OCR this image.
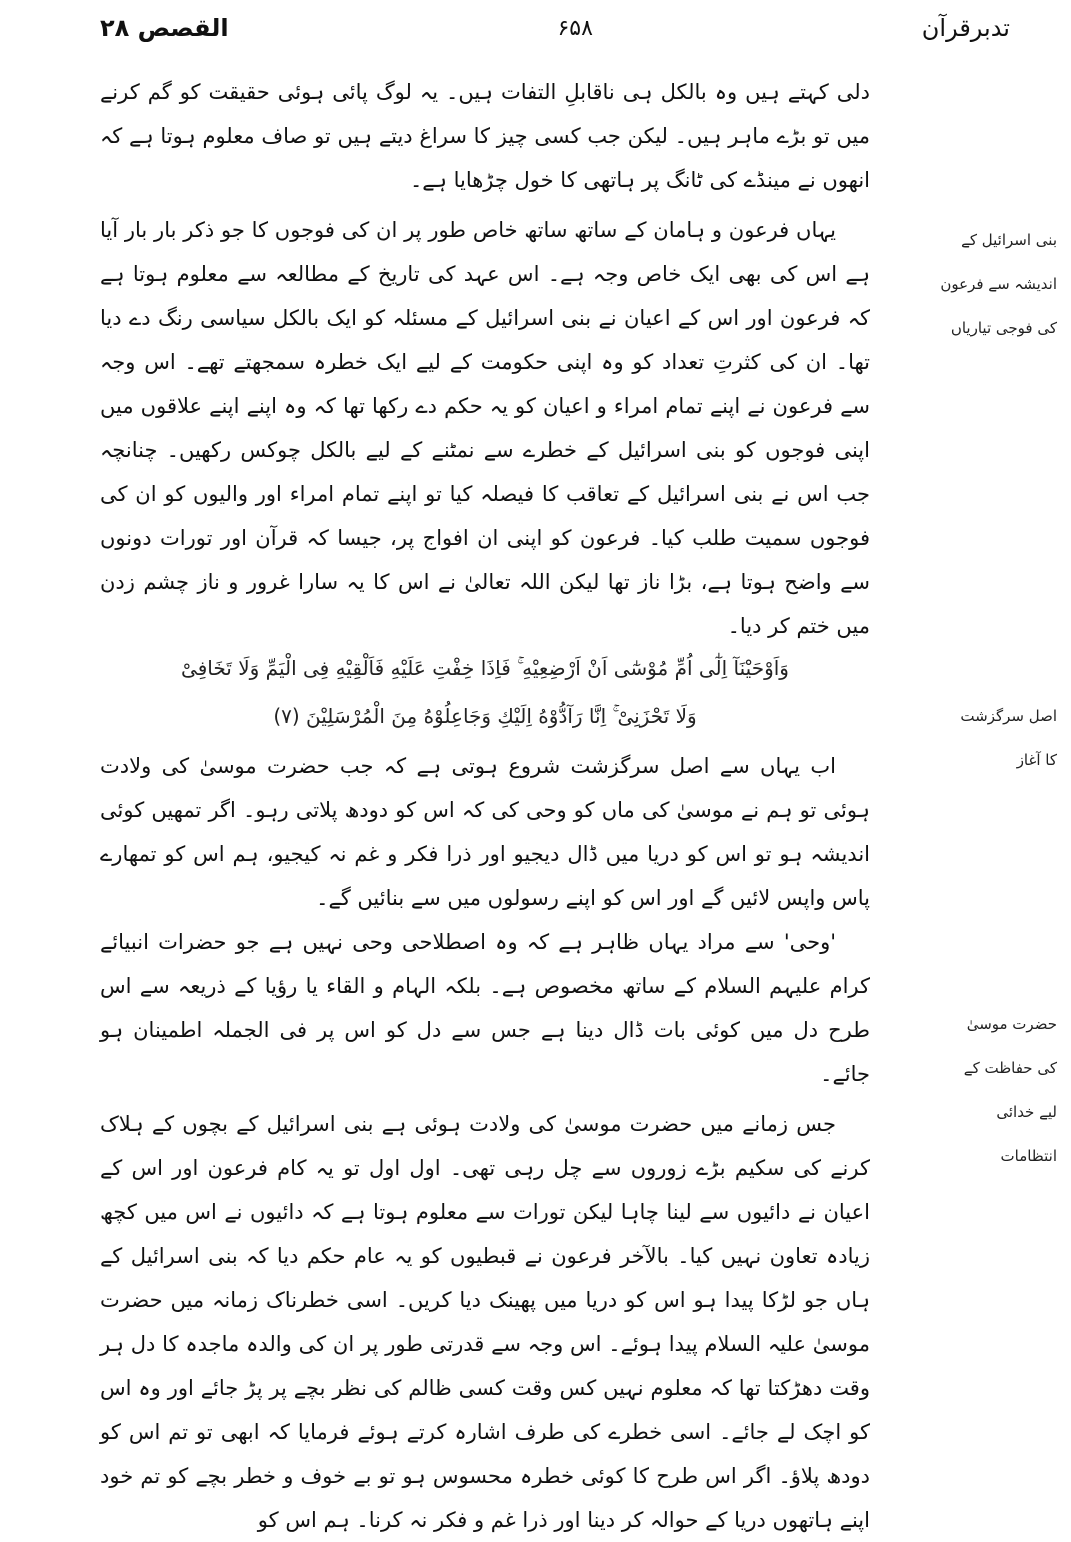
تدبرقرآن
۶۵۸
القصص ۲۸
بنی اسرائیل کے
اندیشہ سے فرعون
کی فوجی تیاریاں
اصل سرگزشت
کا آغاز
حضرت موسیٰ
کی حفاظت کے
لیے خدائی
انتظامات

دلی کہتے ہیں وہ بالکل ہی ناقابلِ التفات ہیں۔ یہ لوگ پائی ہوئی حقیقت کو گم کرنے میں تو بڑے ماہر ہیں۔ لیکن جب کسی چیز کا سراغ دیتے ہیں تو صاف معلوم ہوتا ہے کہ انھوں نے مینڈے کی ٹانگ پر ہاتھی کا خول چڑھایا ہے۔

یہاں فرعون و ہامان کے ساتھ ساتھ خاص طور پر ان کی فوجوں کا جو ذکر بار بار آیا ہے اس کی بھی ایک خاص وجہ ہے۔ اس عہد کی تاریخ کے مطالعہ سے معلوم ہوتا ہے کہ فرعون اور اس کے اعیان نے بنی اسرائیل کے مسئلہ کو ایک بالکل سیاسی رنگ دے دیا تھا۔ ان کی کثرتِ تعداد کو وہ اپنی حکومت کے لیے ایک خطرہ سمجھتے تھے۔ اس وجہ سے فرعون نے اپنے تمام امراء و اعیان کو یہ حکم دے رکھا تھا کہ وہ اپنے اپنے علاقوں میں اپنی فوجوں کو بنی اسرائیل کے خطرے سے نمٹنے کے لیے بالکل چوکس رکھیں۔ چنانچہ جب اس نے بنی اسرائیل کے تعاقب کا فیصلہ کیا تو اپنے تمام امراء اور والیوں کو ان کی فوجوں سمیت طلب کیا۔ فرعون کو اپنی ان افواج پر، جیسا کہ قرآن اور تورات دونوں سے واضح ہوتا ہے، بڑا ناز تھا لیکن اللہ تعالیٰ نے اس کا یہ سارا غرور و ناز چشم زدن میں ختم کر دیا۔

وَاَوْحَيْنَآ اِلٰٓى اُمِّ مُوْسٰٓى اَنْ اَرْضِعِيْهِ ۚ فَاِذَا خِفْتِ عَلَيْهِ فَاَلْقِيْهِ فِى الْيَمِّ وَلَا تَخَافِىْ

وَلَا تَحْزَنِىْ ۚ اِنَّا رَآدُّوْهُ اِلَيْكِ وَجَاعِلُوْهُ مِنَ الْمُرْسَلِيْنَ (٧)

اب یہاں سے اصل سرگزشت شروع ہوتی ہے کہ جب حضرت موسیٰ کی ولادت ہوئی تو ہم نے موسیٰ کی ماں کو وحی کی کہ اس کو دودھ پلاتی رہو۔ اگر تمھیں کوئی اندیشہ ہو تو اس کو دریا میں ڈال دیجیو اور ذرا فکر و غم نہ کیجیو، ہم اس کو تمھارے پاس واپس لائیں گے اور اس کو اپنے رسولوں میں سے بنائیں گے۔

'وحی' سے مراد یہاں ظاہر ہے کہ وہ اصطلاحی وحی نہیں ہے جو حضرات انبیائے کرام علیہم السلام کے ساتھ مخصوص ہے۔ بلکہ الہام و القاء یا رؤیا کے ذریعہ سے اس طرح دل میں کوئی بات ڈال دینا ہے جس سے دل کو اس پر فی الجملہ اطمینان ہو جائے۔

جس زمانے میں حضرت موسیٰ کی ولادت ہوئی ہے بنی اسرائیل کے بچوں کے ہلاک کرنے کی سکیم بڑے زوروں سے چل رہی تھی۔ اول اول تو یہ کام فرعون اور اس کے اعیان نے دائیوں سے لینا چاہا لیکن تورات سے معلوم ہوتا ہے کہ دائیوں نے اس میں کچھ زیادہ تعاون نہیں کیا۔ بالآخر فرعون نے قبطیوں کو یہ عام حکم دیا کہ بنی اسرائیل کے ہاں جو لڑکا پیدا ہو اس کو دریا میں پھینک دیا کریں۔ اسی خطرناک زمانہ میں حضرت موسیٰ علیہ السلام پیدا ہوئے۔ اس وجہ سے قدرتی طور پر ان کی والدہ ماجدہ کا دل ہر وقت دھڑکتا تھا کہ معلوم نہیں کس وقت کسی ظالم کی نظر بچے پر پڑ جائے اور وہ اس کو اچک لے جائے۔ اسی خطرے کی طرف اشارہ کرتے ہوئے فرمایا کہ ابھی تو تم اس کو دودھ پلاؤ۔ اگر اس طرح کا کوئی خطرہ محسوس ہو تو بے خوف و خطر بچے کو تم خود اپنے ہاتھوں دریا کے حوالہ کر دینا اور ذرا غم و فکر نہ کرنا۔ ہم اس کو
